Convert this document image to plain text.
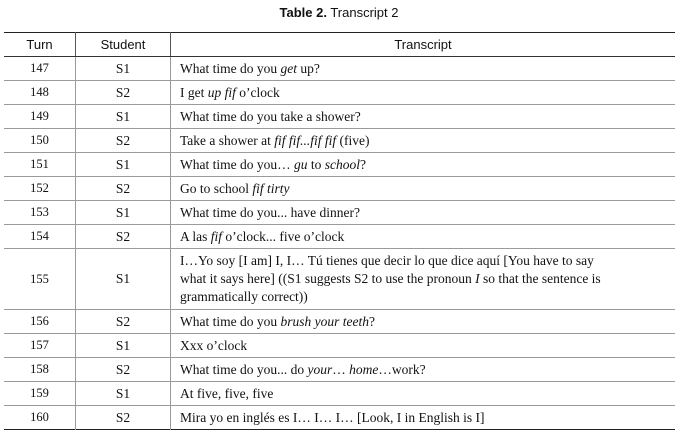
Table 2. Transcript 2
Turn	Student	Transcript
147	S1	What time do you get up?
148	S2	I get up fif o’clock
149	S1	What time do you take a shower?
150	S2	Take a shower at fif fif...fif fif (five)
151	S1	What time do you… gu to school?
152	S2	Go to school fif tirty
153	S1	What time do you... have dinner?
154	S2	A las fif o’clock... five o’clock
155	S1	I…Yo soy [I am] I, I… Tú tienes que decir lo que dice aquí [You have to say
what it says here] ((S1 suggests S2 to use the pronoun I so that the sentence is
grammatically correct))

156	S2	What time do you brush your teeth?
157	S1	Xxx o’clock
158	S2	What time do you... do your… home…work?
159	S1	At five, five, five
160	S2	Mira yo en inglés es I… I… I… [Look, I in English is I]
